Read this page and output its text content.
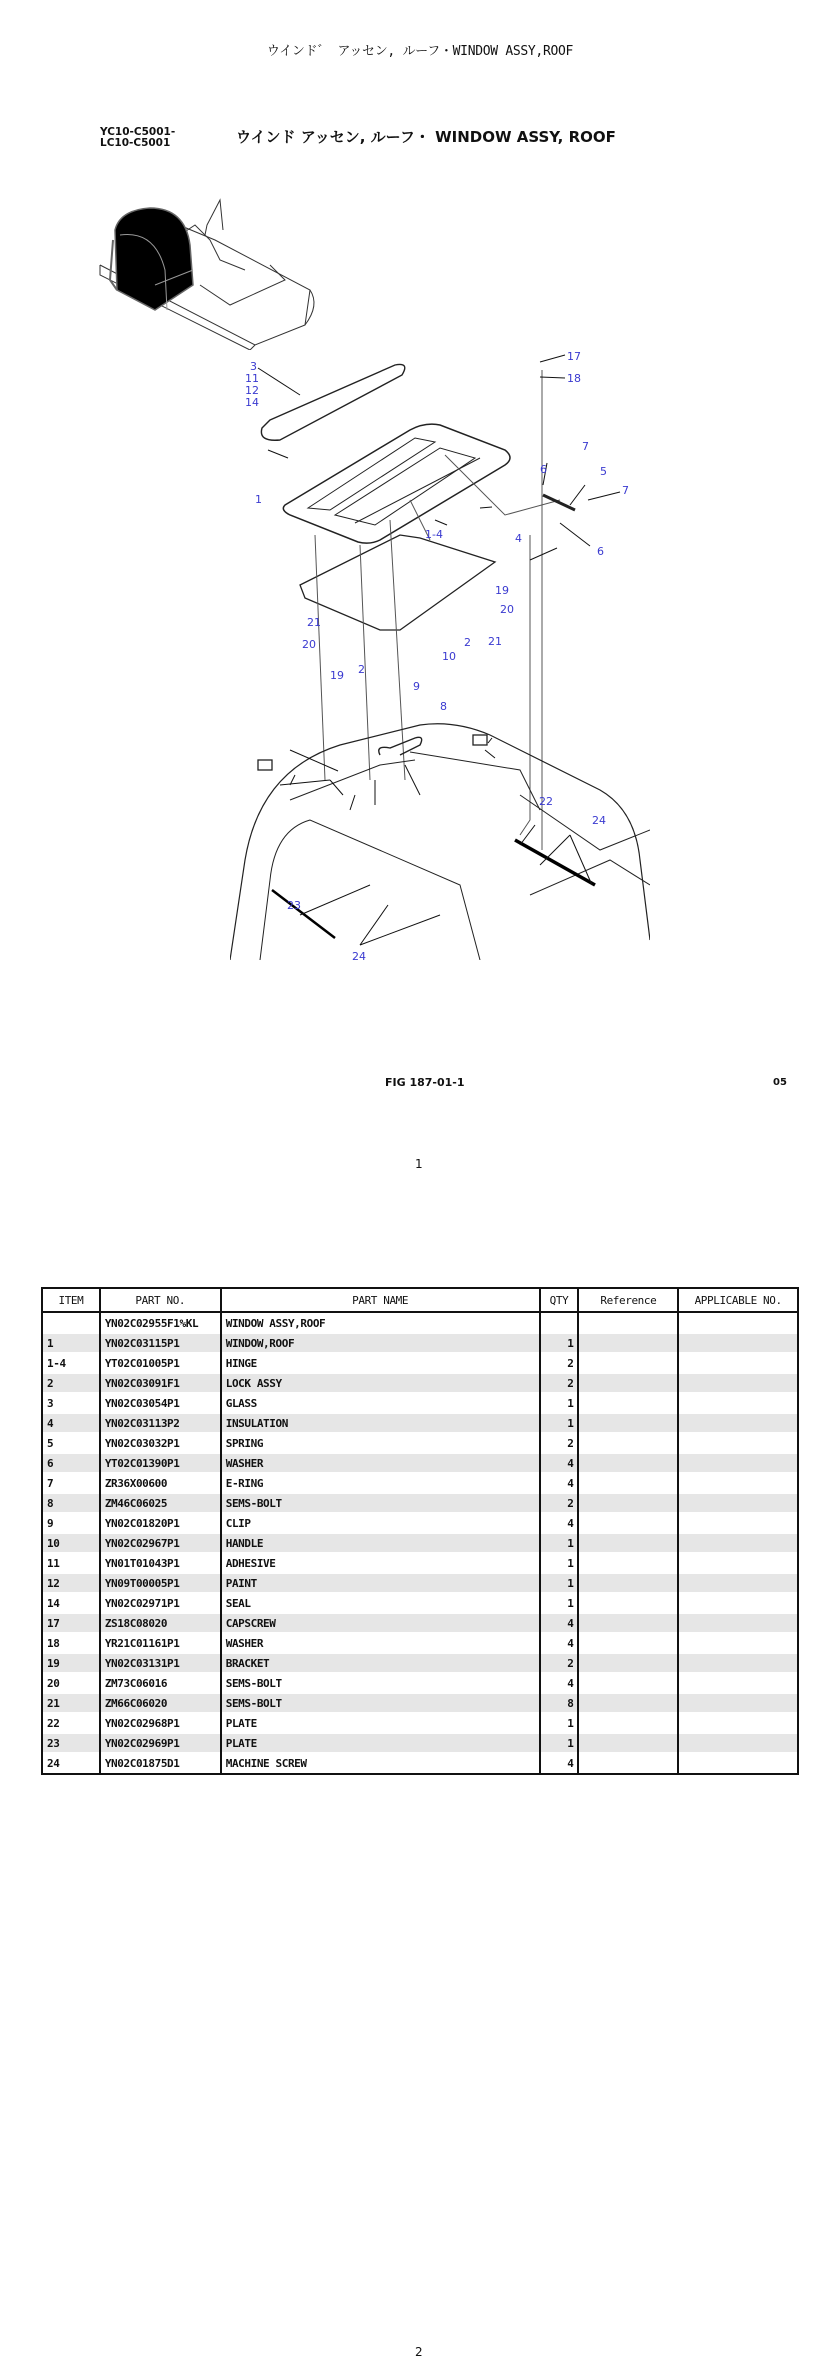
ウインド゛ アッセン, ルーフ・WINDOW ASSY,ROOF
YC10-C5001-
LC10-C5001	ウインド アッセン, ルーフ・ WINDOW ASSY, ROOF
3
11
12
14
17
18
1
6
7
5
7
1-4	4
6
19
20
21
21
20
2
2
19
10
9
8
22
24
23
24
FIG 187-01-1	05
1
ITEM	PART NO.	PART NAME	QTY	Reference	APPLICABLE NO.
	YN02C02955F1%KL	WINDOW ASSY,ROOF			
1	YN02C03115P1	WINDOW,ROOF	1		
1-4	YT02C01005P1	HINGE	2		
2	YN02C03091F1	LOCK ASSY	2		
3	YN02C03054P1	GLASS	1		
4	YN02C03113P2	INSULATION	1		
5	YN02C03032P1	SPRING	2		
6	YT02C01390P1	WASHER	4		
7	ZR36X00600	E-RING	4		
8	ZM46C06025	SEMS-BOLT	2		
9	YN02C01820P1	CLIP	4		
10	YN02C02967P1	HANDLE	1		
11	YN01T01043P1	ADHESIVE	1		
12	YN09T00005P1	PAINT	1		
14	YN02C02971P1	SEAL	1		
17	ZS18C08020	CAPSCREW	4		
18	YR21C01161P1	WASHER	4		
19	YN02C03131P1	BRACKET	2		
20	ZM73C06016	SEMS-BOLT	4		
21	ZM66C06020	SEMS-BOLT	8		
22	YN02C02968P1	PLATE	1		
23	YN02C02969P1	PLATE	1		
24	YN02C01875D1	MACHINE SCREW	4		
2
